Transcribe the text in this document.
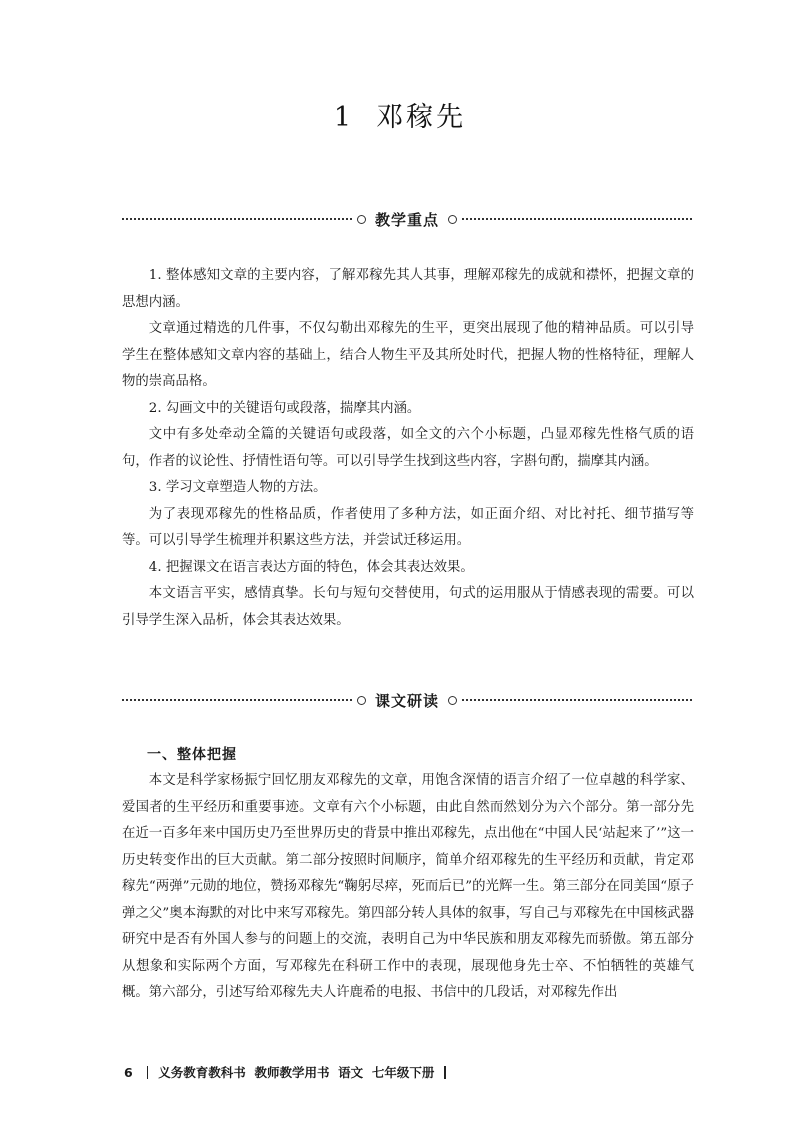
1 邓稼先
教学重点

1. 整体感知文章的主要内容，了解邓稼先其人其事，理解邓稼先的成就和襟怀，把握文章的思想内涵。

文章通过精选的几件事，不仅勾勒出邓稼先的生平，更突出展现了他的精神品质。可以引导学生在整体感知文章内容的基础上，结合人物生平及其所处时代，把握人物的性格特征，理解人物的崇高品格。

2. 勾画文中的关键语句或段落，揣摩其内涵。

文中有多处牵动全篇的关键语句或段落，如全文的六个小标题，凸显邓稼先性格气质的语句，作者的议论性、抒情性语句等。可以引导学生找到这些内容，字斟句酌，揣摩其内涵。

3. 学习文章塑造人物的方法。

为了表现邓稼先的性格品质，作者使用了多种方法，如正面介绍、对比衬托、细节描写等等。可以引导学生梳理并积累这些方法，并尝试迁移运用。

4. 把握课文在语言表达方面的特色，体会其表达效果。

本文语言平实，感情真挚。长句与短句交替使用，句式的运用服从于情感表现的需要。可以引导学生深入品析，体会其表达效果。

课文研读
一、整体把握

本文是科学家杨振宁回忆朋友邓稼先的文章，用饱含深情的语言介绍了一位卓越的科学家、爱国者的生平经历和重要事迹。文章有六个小标题，由此自然而然划分为六个部分。第一部分先在近一百多年来中国历史乃至世界历史的背景中推出邓稼先，点出他在“中国人民‘站起来了’”这一历史转变作出的巨大贡献。第二部分按照时间顺序，简单介绍邓稼先的生平经历和贡献，肯定邓稼先“两弹”元勋的地位，赞扬邓稼先“鞠躬尽瘁，死而后已”的光辉一生。第三部分在同美国“原子弹之父”奥本海默的对比中来写邓稼先。第四部分转人具体的叙事，写自己与邓稼先在中国核武器研究中是否有外国人参与的问题上的交流，表明自己为中华民族和朋友邓稼先而骄傲。第五部分从想象和实际两个方面，写邓稼先在科研工作中的表现，展现他身先士卒、不怕牺牲的英雄气概。第六部分，引述写给邓稼先夫人许鹿希的电报、书信中的几段话，对邓稼先作出

6 义务教育教科书
教师教学用书
语文
七年级下册
